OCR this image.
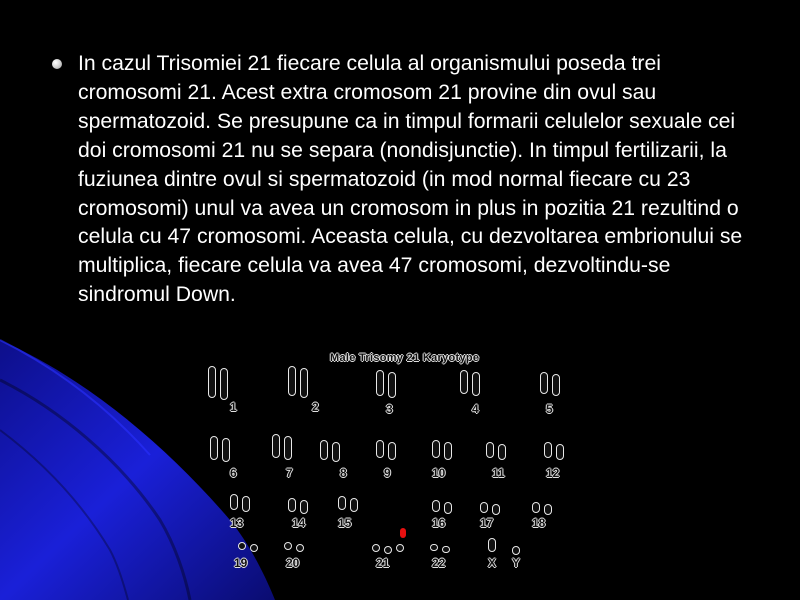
In cazul Trisomiei 21 fiecare celula al organismului poseda trei cromosomi 21. Acest extra cromosom 21 provine din ovul sau spermatozoid. Se presupune ca in timpul formarii celulelor sexuale cei doi cromosomi 21 nu se separa (nondisjunctie). In timpul fertilizarii, la fuziunea dintre ovul si spermatozoid (in mod normal fiecare cu 23 cromosomi) unul va avea un cromosom in plus in pozitia 21 rezultind o celula cu 47 cromosomi. Aceasta celula, cu dezvoltarea embrionului se multiplica, fiecare celula va avea 47 cromosomi, dezvoltindu-se sindromul Down.
Male Trisomy 21 Karyotype
1	2	3	4	5
6	7	8	9	10	11	12
13	14	15	16	17	18
19	20	21	22	X Y
